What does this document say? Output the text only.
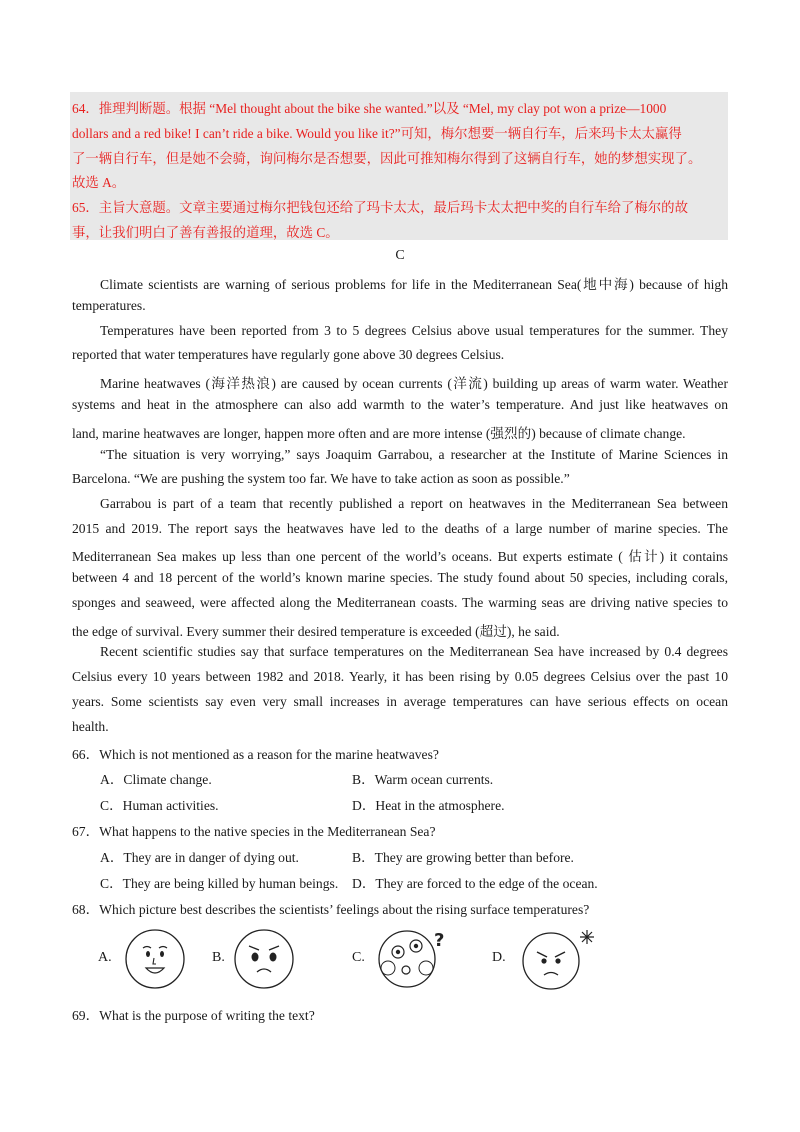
64．推理判断题。根据 “Mel thought about the bike she wanted.”以及 “Mel, my clay pot won a prize—1000
dollars and a red bike! I can’t ride a bike. Would you like it?”可知，梅尔想要一辆自行车，后来玛卡太太赢得
了一辆自行车，但是她不会骑，询问梅尔是否想要，因此可推知梅尔得到了这辆自行车，她的梦想实现了。
故选 A。
65．主旨大意题。文章主要通过梅尔把钱包还给了玛卡太太，最后玛卡太太把中奖的自行车给了梅尔的故
事，让我们明白了善有善报的道理，故选 C。
C
Climate scientists are warning of serious problems for life in the Mediterranean Sea(地中海) because of high
temperatures.
Temperatures have been reported from 3 to 5 degrees Celsius above usual temperatures for the summer. They
reported that water temperatures have regularly gone above 30 degrees Celsius.
Marine heatwaves (海洋热浪) are caused by ocean currents (洋流) building up areas of warm water. Weather
systems and heat in the atmosphere can also add warmth to the water’s temperature. And just like heatwaves on
land, marine heatwaves are longer, happen more often and are more intense (强烈的) because of climate change.
“The situation is very worrying,” says Joaquim Garrabou, a researcher at the Institute of Marine Sciences in
Barcelona. “We are pushing the system too far. We have to take action as soon as possible.”
Garrabou is part of a team that recently published a report on heatwaves in the Mediterranean Sea between
2015 and 2019. The report says the heatwaves have led to the deaths of a large number of marine species. The
Mediterranean Sea makes up less than one percent of the world’s oceans. But experts estimate ( 估计) it contains
between 4 and 18 percent of the world’s known marine species. The study found about 50 species, including corals,
sponges and seaweed, were affected along the Mediterranean coasts. The warming seas are driving native species to
the edge of survival. Every summer their desired temperature is exceeded (超过), he said.
Recent scientific studies say that surface temperatures on the Mediterranean Sea have increased by 0.4 degrees
Celsius every 10 years between 1982 and 2018. Yearly, it has been rising by 0.05 degrees Celsius over the past 10
years. Some scientists say even very small increases in average temperatures can have serious effects on ocean
health.
66．Which is not mentioned as a reason for the marine heatwaves?
A．Climate change.	B．Warm ocean currents.
C．Human activities.	D．Heat in the atmosphere.
67．What happens to the native species in the Mediterranean Sea?
A．They are in danger of dying out.	B．They are growing better than before.
C．They are being killed by human beings. D．They are forced to the edge of the ocean.
68．Which picture best describes the scientists’ feelings about the rising surface temperatures?
A.	B.	C.
?
D.
69．What is the purpose of writing the text?
